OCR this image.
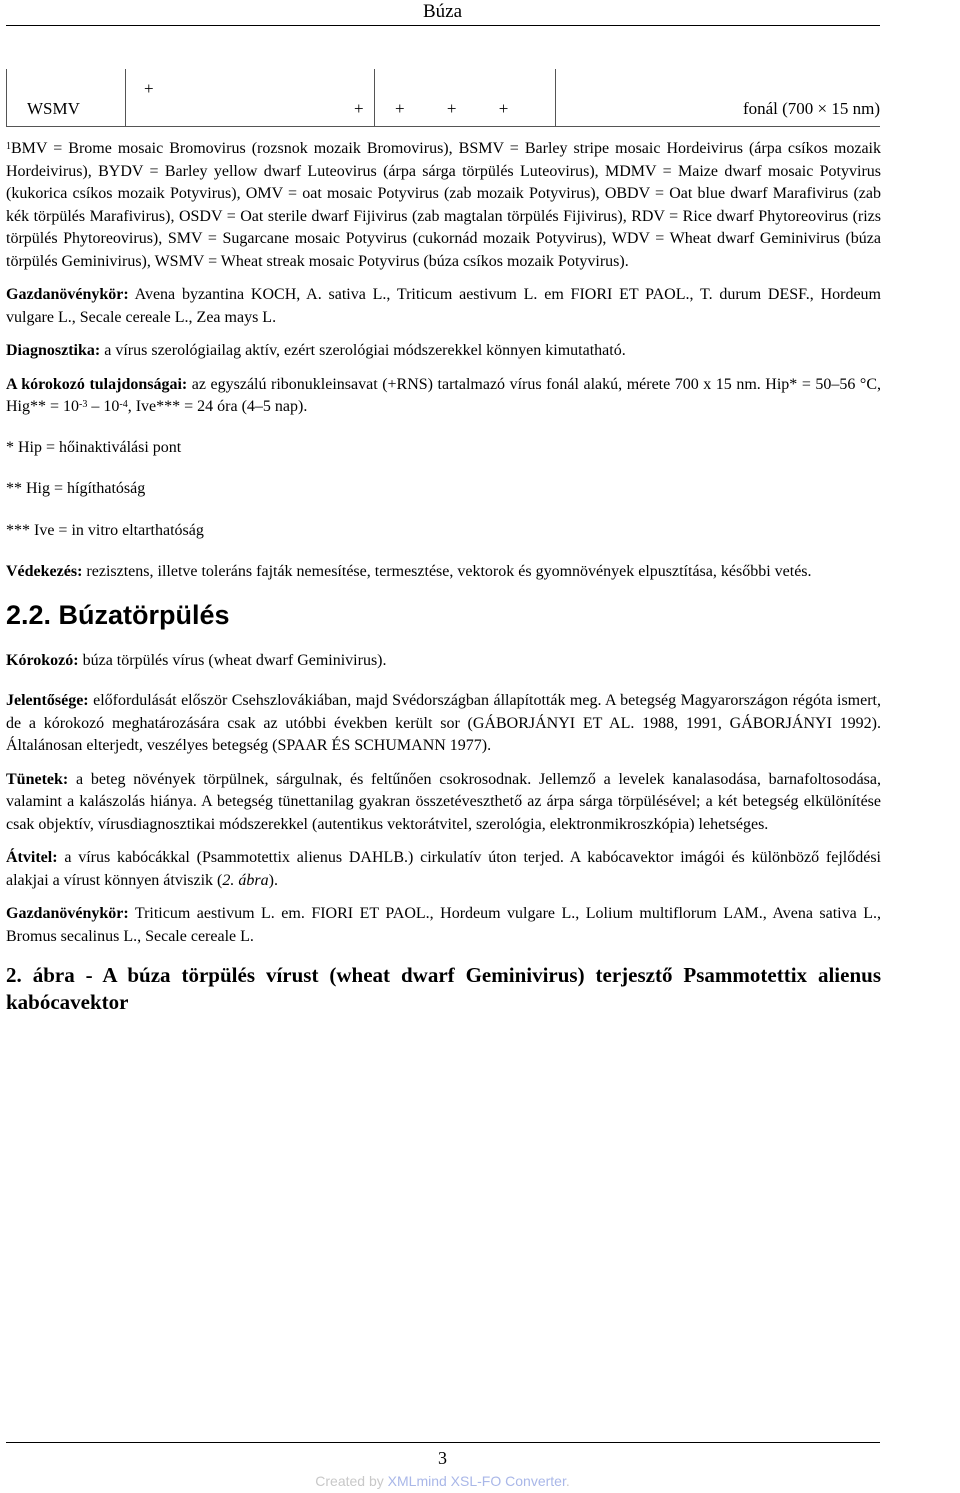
Búza
WSMV	+ +	+ + +	fonál (700 × 15 nm)

$^1$BMV = Brome mosaic Bromovirus (rozsnok mozaik Bromovirus), BSMV = Barley stripe mosaic Hordeivirus (árpa csíkos mozaik Hordeivirus), BYDV = Barley yellow dwarf Luteovirus (árpa sárga törpülés Luteovirus), MDMV = Maize dwarf mosaic Potyvirus (kukorica csíkos mozaik Potyvirus), OMV = oat mosaic Potyvirus (zab mozaik Potyvirus), OBDV = Oat blue dwarf Marafivirus (zab kék törpülés Marafivirus), OSDV = Oat sterile dwarf Fijivirus (zab magtalan törpülés Fijivirus), RDV = Rice dwarf Phytoreovirus (rizs törpülés Phytoreovirus), SMV = Sugarcane mosaic Potyvirus (cukornád mozaik Potyvirus), WDV = Wheat dwarf Geminivirus (búza törpülés Geminivirus), WSMV = Wheat streak mosaic Potyvirus (búza csíkos mozaik Potyvirus).

Gazdanövénykör: Avena byzantina KOCH, A. sativa L., Triticum aestivum L. em FIORI ET PAOL., T. durum DESF., Hordeum vulgare L., Secale cereale L., Zea mays L.

Diagnosztika: a vírus szerológiailag aktív, ezért szerológiai módszerekkel könnyen kimutatható.

A kórokozó tulajdonságai: az egyszálú ribonukleinsavat (+RNS) tartalmazó vírus fonál alakú, mérete 700 x 15 nm. Hip* = 50–56 °C, $Hig** = 10^{-3} - 10^{-4}$, Ive*** = 24 óra (4–5 nap).

* Hip = hőinaktiválási pont

** Hig = hígíthatóság

*** Ive = in vitro eltarthatóság

Védekezés: rezisztens, illetve toleráns fajták nemesítése, termesztése, vektorok és gyomnövények elpusztítása, későbbi vetés.

2.2. Búzatörpülés

Kórokozó: búza törpülés vírus (wheat dwarf Geminivirus).

Jelentősége: előfordulását először Csehszlovákiában, majd Svédországban állapították meg. A betegség Magyarországon régóta ismert, de a kórokozó meghatározására csak az utóbbi években került sor (GÁBORJÁNYI ET AL. 1988, 1991, GÁBORJÁNYI 1992). Általánosan elterjedt, veszélyes betegség (SPAAR ÉS SCHUMANN 1977).

Tünetek: a beteg növények törpülnek, sárgulnak, és feltűnően csokrosodnak. Jellemző a levelek kanalasodása, barnafoltosodása, valamint a kalászolás hiánya. A betegség tünettanilag gyakran összetéveszthető az árpa sárga törpülésével; a két betegség elkülönítése csak objektív, vírusdiagnosztikai módszerekkel (autentikus vektorátvitel, szerológia, elektronmikroszkópia) lehetséges.

Átvitel: a vírus kabócákkal (Psammotettix alienus DAHLB.) cirkulatív úton terjed. A kabócavektor imágói és különböző fejlődési alakjai a vírust könnyen átviszik (2. ábra).

Gazdanövénykör: Triticum aestivum L. em. FIORI ET PAOL., Hordeum vulgare L., Lolium multiflorum LAM., Avena sativa L., Bromus secalinus L., Secale cereale L.

2. ábra - A búza törpülés vírust (wheat dwarf Geminivirus) terjesztő Psammotettix alienus kabócavektor

3
Created by XMLmind XSL-FO Converter.
